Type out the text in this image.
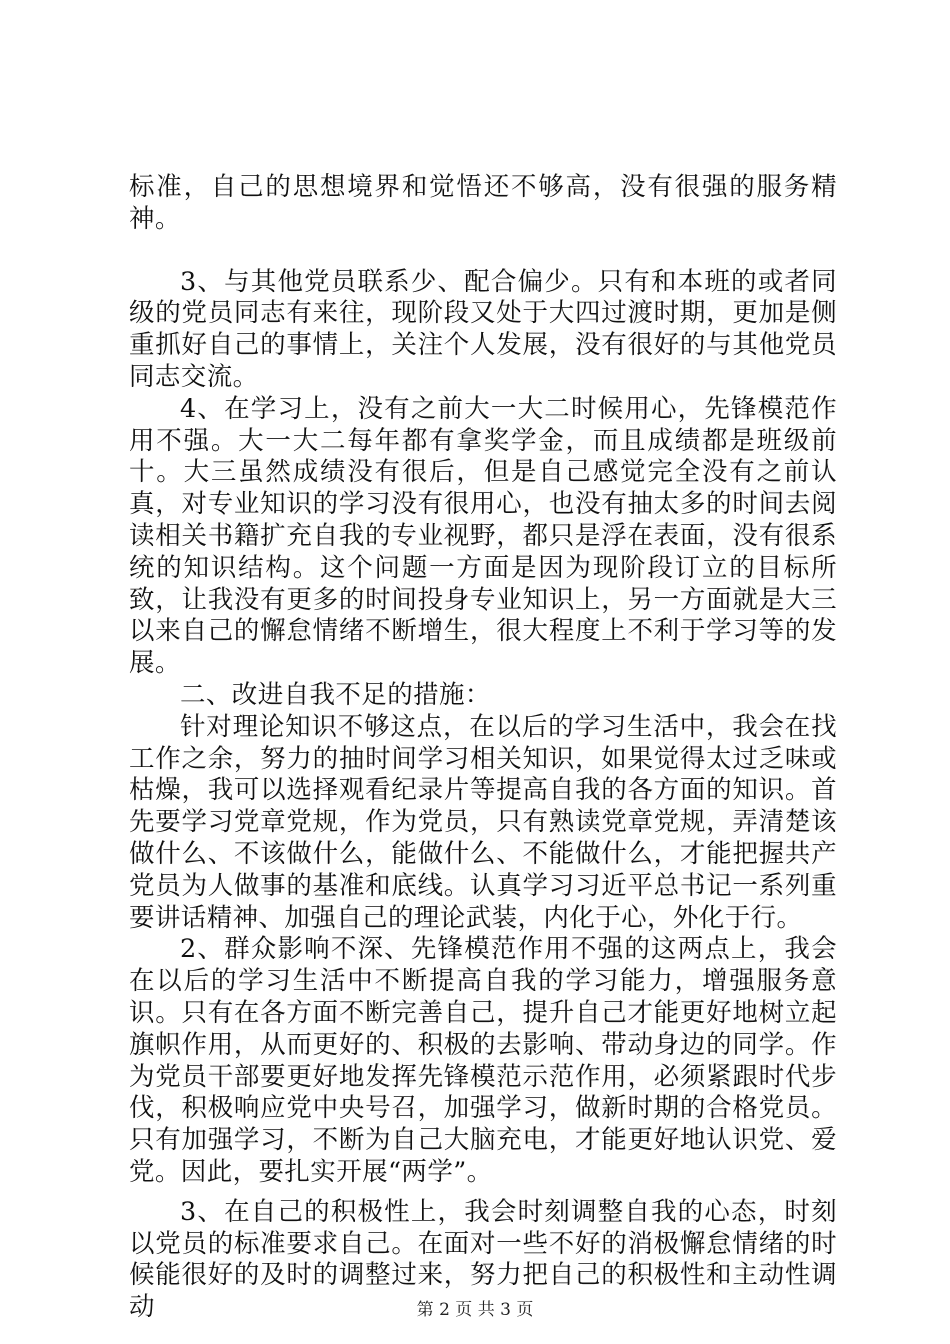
标准，自己的思想境界和觉悟还不够高，没有很强的服务精神。

3、与其他党员联系少、配合偏少。只有和本班的或者同级的党员同志有来往，现阶段又处于大四过渡时期，更加是侧重抓好自己的事情上，关注个人发展，没有很好的与其他党员同志交流。

4、在学习上，没有之前大一大二时候用心，先锋模范作用不强。大一大二每年都有拿奖学金，而且成绩都是班级前十。大三虽然成绩没有很后，但是自己感觉完全没有之前认真，对专业知识的学习没有很用心，也没有抽太多的时间去阅读相关书籍扩充自我的专业视野，都只是浮在表面，没有很系统的知识结构。这个问题一方面是因为现阶段订立的目标所致，让我没有更多的时间投身专业知识上，另一方面就是大三以来自己的懈怠情绪不断增生，很大程度上不利于学习等的发展。

二、改进自我不足的措施：

针对理论知识不够这点，在以后的学习生活中，我会在找工作之余，努力的抽时间学习相关知识，如果觉得太过乏味或枯燥，我可以选择观看纪录片等提高自我的各方面的知识。首先要学习党章党规，作为党员，只有熟读党章党规，弄清楚该做什么、不该做什么，能做什么、不能做什么，才能把握共产党员为人做事的基准和底线。认真学习习近平总书记一系列重要讲话精神、加强自己的理论武装，内化于心，外化于行。

2、群众影响不深、先锋模范作用不强的这两点上，我会在以后的学习生活中不断提高自我的学习能力，增强服务意识。只有在各方面不断完善自己，提升自己才能更好地树立起旗帜作用，从而更好的、积极的去影响、带动身边的同学。作为党员干部要更好地发挥先锋模范示范作用，必须紧跟时代步伐，积极响应党中央号召，加强学习，做新时期的合格党员。只有加强学习，不断为自己大脑充电，才能更好地认识党、爱党。因此，要扎实开展“两学”。

3、在自己的积极性上，我会时刻调整自我的心态，时刻以党员的标准要求自己。在面对一些不好的消极懈怠情绪的时候能很好的及时的调整过来，努力把自己的积极性和主动性调动	第 2 页 共 3 页
